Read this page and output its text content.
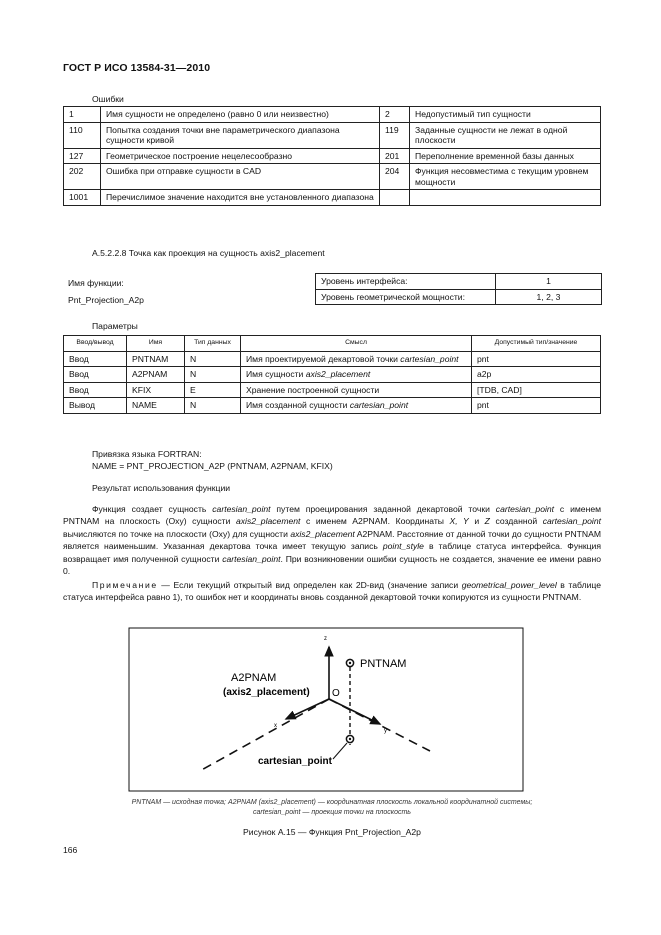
ГОСТ Р ИСО 13584-31—2010
Ошибки
1	Имя сущности не определено (равно 0 или неизвестно)	2	Недопустимый тип сущности
110	Попытка создания точки вне параметрического диапазона сущности кривой	119	Заданные сущности не лежат в одной плоскости
127	Геометрическое построение нецелесообразно	201	Переполнение временной базы данных
202	Ошибка при отправке сущности в CAD	204	Функция несовместима с текущим уровнем мощности
1001	Перечислимое значение находится вне установленного диапазона		
A.5.2.2.8 Точка как проекция на сущность axis2_placement
Имя функции:
Pnt_Projection_A2p
Уровень интерфейса:	1
Уровень геометрической мощности:	1, 2, 3
Параметры
Ввод/вывод	Имя	Тип данных	Смысл	Допустимый тип/значение
Ввод	PNTNAM	N	Имя проектируемой декартовой точки cartesian_point	pnt
Ввод	A2PNAM	N	Имя сущности axis2_placement	a2p
Ввод	KFIX	E	Хранение построенной сущности	[TDB, CAD]
Вывод	NAME	N	Имя созданной сущности cartesian_point	pnt
Привязка языка FORTRAN:
NAME = PNT_PROJECTION_A2P (PNTNAM, A2PNAM, KFIX)
Результат использования функции
Функция создает сущность cartesian_point путем проецирования заданной декартовой точки cartesian_point с именем PNTNAM на плоскость (Oxy) сущности axis2_placement с именем A2PNAM. Координаты X, Y и Z созданной cartesian_point вычисляются по точке на плоскости (Oxy) для сущности axis2_placement A2PNAM. Расстояние от данной точки до сущности PNTNAM является наименьшим. Указанная декартова точка имеет текущую запись point_style в таблице статуса интерфейса. Функция возвращает имя полученной сущности cartesian_point. При возникновении ошибки сущность не создается, значение ее имени равно 0.
Примечание — Если текущий открытый вид определен как 2D-вид (значение записи geometrical_power_level в таблице статуса интерфейса равно 1), то ошибок нет и координаты вновь созданной декартовой точки копируются из сущности PNTNAM.
z
x
y
O
PNTNAM
A2PNAM
(axis2_placement)
cartesian_point
PNTNAM — исходная точка; A2PNAM (axis2_placement) — координатная плоскость локальной координатной системы;
cartesian_point — проекция точки на плоскость
Рисунок А.15 — Функция Pnt_Projection_A2p
166
